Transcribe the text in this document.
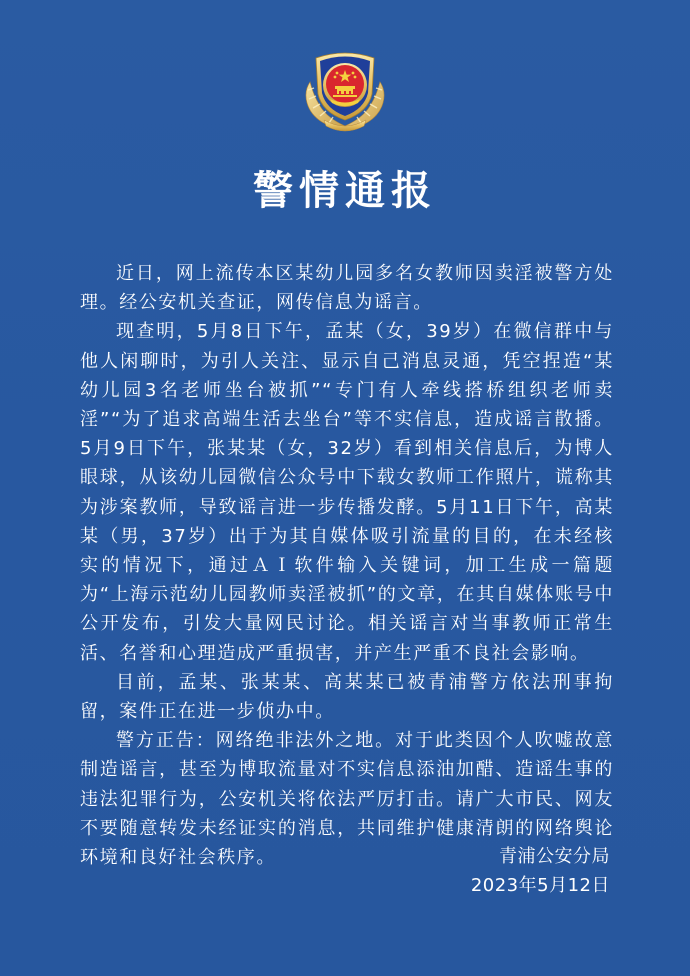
警情通报

近日，网上流传本区某幼儿园多名女教师因卖淫被警方处理。经公安机关查证，网传信息为谣言。

现查明，5月8日下午，孟某（女，39岁）在微信群中与他人闲聊时，为引人关注、显示自己消息灵通，凭空捏造“某幼儿园3名老师坐台被抓”“专门有人牵线搭桥组织老师卖淫”“为了追求高端生活去坐台”等不实信息，造成谣言散播。5月9日下午，张某某（女，32岁）看到相关信息后，为博人眼球，从该幼儿园微信公众号中下载女教师工作照片，谎称其为涉案教师，导致谣言进一步传播发酵。5月11日下午，高某某（男，37岁）出于为其自媒体吸引流量的目的，在未经核实的情况下，通过ＡＩ软件输入关键词，加工生成一篇题为“上海示范幼儿园教师卖淫被抓”的文章，在其自媒体账号中公开发布，引发大量网民讨论。相关谣言对当事教师正常生活、名誉和心理造成严重损害，并产生严重不良社会影响。

目前，孟某、张某某、高某某已被青浦警方依法刑事拘留，案件正在进一步侦办中。

警方正告：网络绝非法外之地。对于此类因个人吹嘘故意制造谣言，甚至为博取流量对不实信息添油加醋、造谣生事的违法犯罪行为，公安机关将依法严厉打击。请广大市民、网友不要随意转发未经证实的消息，共同维护健康清朗的网络舆论环境和良好社会秩序。	青浦公安分局
2023年5月12日
